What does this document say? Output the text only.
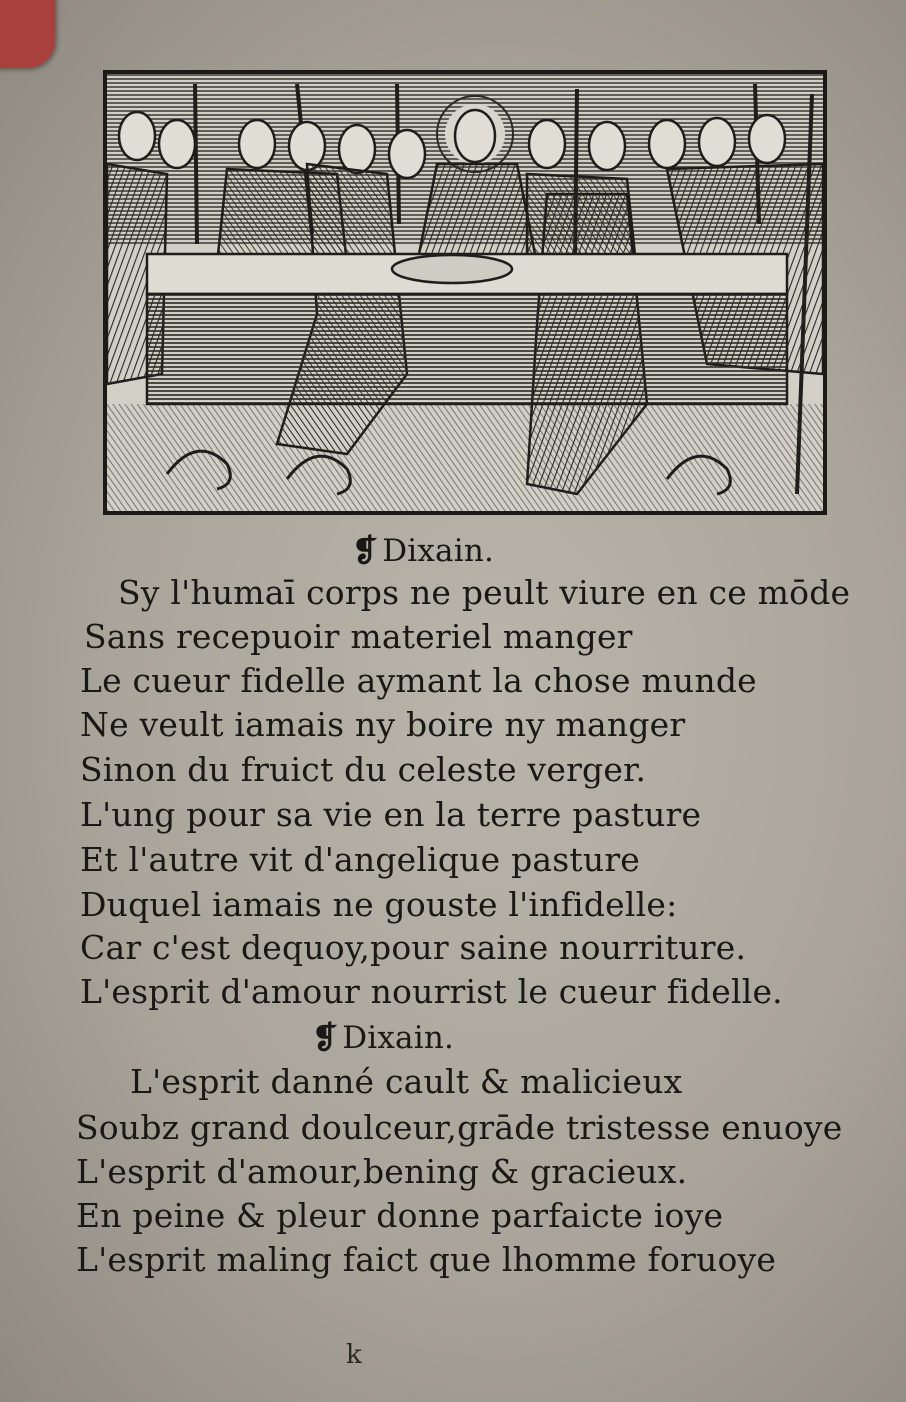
❡ Dixain.
Sy l'humaī corps ne peult viure en ce mōde
Sans recepuoir materiel manger
Le cueur fidelle aymant la chose munde
Ne veult iamais ny boire ny manger
Sinon du fruict du celeste verger.
L'ung pour sa vie en la terre pasture
Et l'autre vit d'angelique pasture
Duquel iamais ne gouste l'infidelle:
Car c'est dequoy,pour saine nourriture.
L'esprit d'amour nourrist le cueur fidelle.
❡ Dixain.
L'esprit danné cault & malicieux
Soubz grand doulceur,grāde tristesse enuoye
L'esprit d'amour,bening & gracieux.
En peine & pleur donne parfaicte ioye
L'esprit maling faict que lhomme foruoye
k
